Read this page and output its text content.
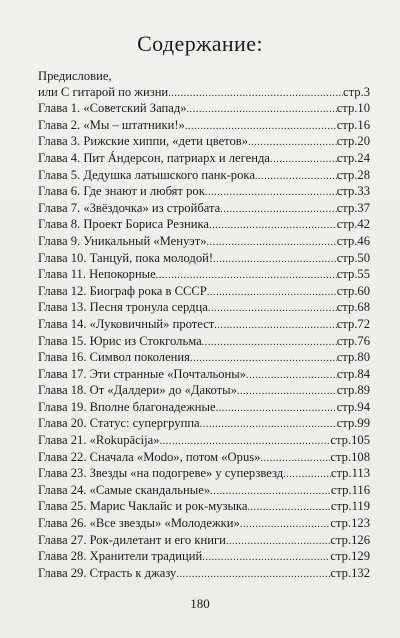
Содержание:
Предисловие,
или С гитарой по жизни .....	стр.3
Глава 1. «Советский Запад» .....	стр.10
Глава 2. «Мы – штатники!» .....	стр.16
Глава 3. Рижские хиппи, «дети цветов» .....	стр.20
Глава 4. Пит Áндерсон, патриарх и легенда .....	стр.24
Глава 5. Дедушка латышского панк-рока .....	стр.28
Глава 6. Где знают и любят рок .....	стр.33
Глава 7. «Звёздочка» из стройбата .....	стр.37
Глава 8. Проект Бориса Резника .....	стр.42
Глава 9. Уникальный «Менуэт» .....	стр.46
Глава 10. Танцуй, пока молодой! .....	стр.50
Глава 11. Непокорные .....	стр.55
Глава 12. Биограф рока в СССР .....	стр.60
Глава 13. Песня тронула сердца .....	стр.68
Глава 14. «Луковичный» протест .....	стр.72
Глава 15. Юрис из Стокгольма .....	стр.76
Глава 16. Символ поколения .....	стр.80
Глава 17. Эти странные «Почтальоны» .....	стр.84
Глава 18. От «Далдери» до «Дакоты» .....	стр.89
Глава 19. Вполне благонадежные .....	стр.94
Глава 20. Статус: супергруппа .....	стр.99
Глава 21. «Rokupācija» .....	стр.105
Глава 22. Сначала «Modo», потом «Opus» .....	стр.108
Глава 23. Звезды «на подогреве» у суперзвезд .....	стр.113
Глава 24. «Самые скандальные» .....	стр.116
Глава 25. Марис Чаклайс и рок-музыка .....	стр.119
Глава 26. «Все звезды» «Молодежки» .....	стр.123
Глава 27. Рок-дилетант и его книги .....	стр.126
Глава 28. Хранители традиций .....	стр.129
Глава 29. Страсть к джазу .....	стр.132
180
